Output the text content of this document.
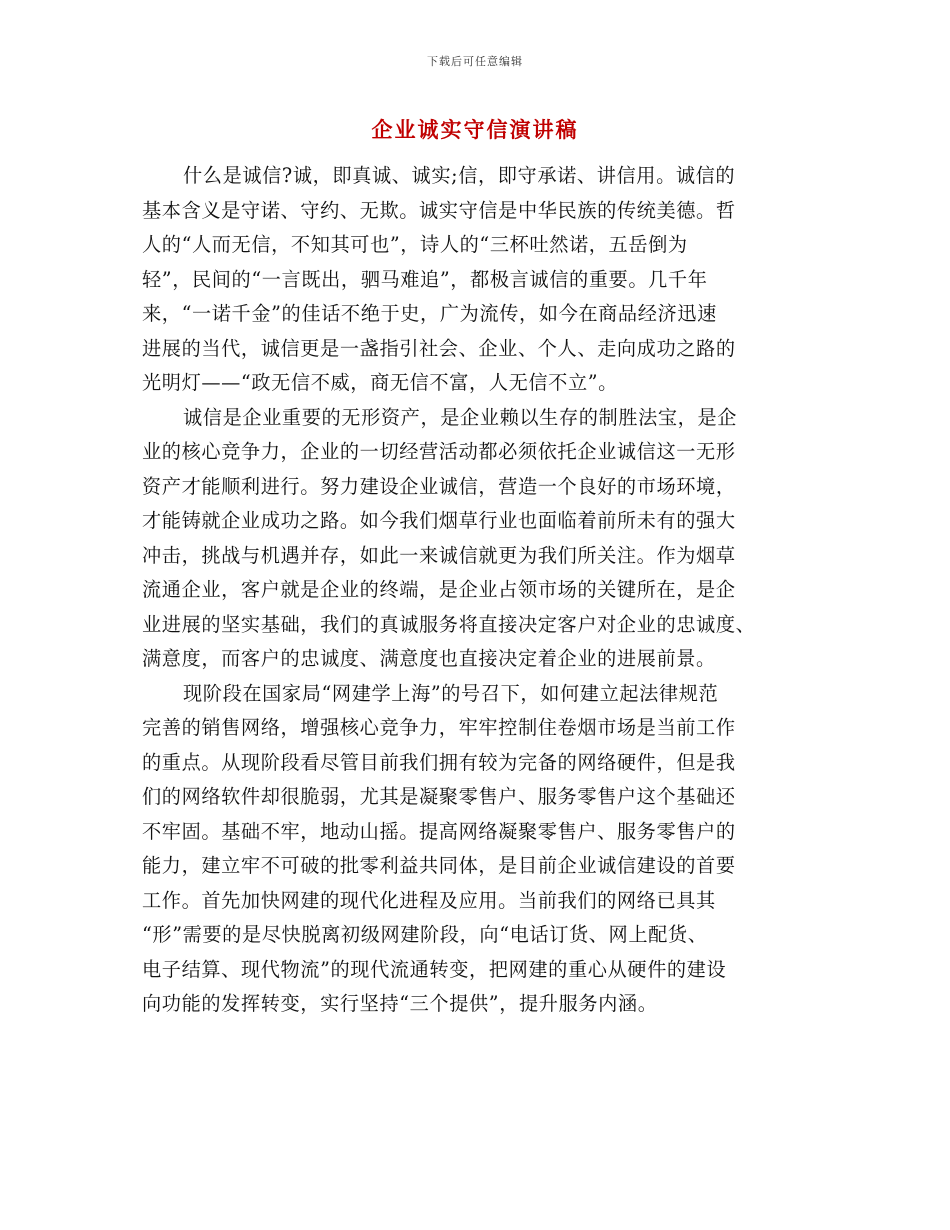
下载后可任意编辑
企业诚实守信演讲稿
什么是诚信?诚，即真诚、诚实;信，即守承诺、讲信用。诚信的
基本含义是守诺、守约、无欺。诚实守信是中华民族的传统美德。哲
人的“人而无信，不知其可也”，诗人的“三杯吐然诺，五岳倒为
轻”，民间的“一言既出，驷马难追”，都极言诚信的重要。几千年
来，“一诺千金”的佳话不绝于史，广为流传，如今在商品经济迅速
进展的当代，诚信更是一盏指引社会、企业、个人、走向成功之路的
光明灯——“政无信不威，商无信不富，人无信不立”。
诚信是企业重要的无形资产，是企业赖以生存的制胜法宝，是企
业的核心竞争力，企业的一切经营活动都必须依托企业诚信这一无形
资产才能顺利进行。努力建设企业诚信，营造一个良好的市场环境，
才能铸就企业成功之路。如今我们烟草行业也面临着前所未有的强大
冲击，挑战与机遇并存，如此一来诚信就更为我们所关注。作为烟草
流通企业，客户就是企业的终端，是企业占领市场的关键所在，是企
业进展的坚实基础，我们的真诚服务将直接决定客户对企业的忠诚度、
满意度，而客户的忠诚度、满意度也直接决定着企业的进展前景。
现阶段在国家局“网建学上海”的号召下，如何建立起法律规范
完善的销售网络，增强核心竞争力，牢牢控制住卷烟市场是当前工作
的重点。从现阶段看尽管目前我们拥有较为完备的网络硬件，但是我
们的网络软件却很脆弱，尤其是凝聚零售户、服务零售户这个基础还
不牢固。基础不牢，地动山摇。提高网络凝聚零售户、服务零售户的
能力，建立牢不可破的批零利益共同体，是目前企业诚信建设的首要
工作。首先加快网建的现代化进程及应用。当前我们的网络已具其
“形”需要的是尽快脱离初级网建阶段，向“电话订货、网上配货、
电子结算、现代物流”的现代流通转变，把网建的重心从硬件的建设
向功能的发挥转变，实行坚持“三个提供”，提升服务内涵。
